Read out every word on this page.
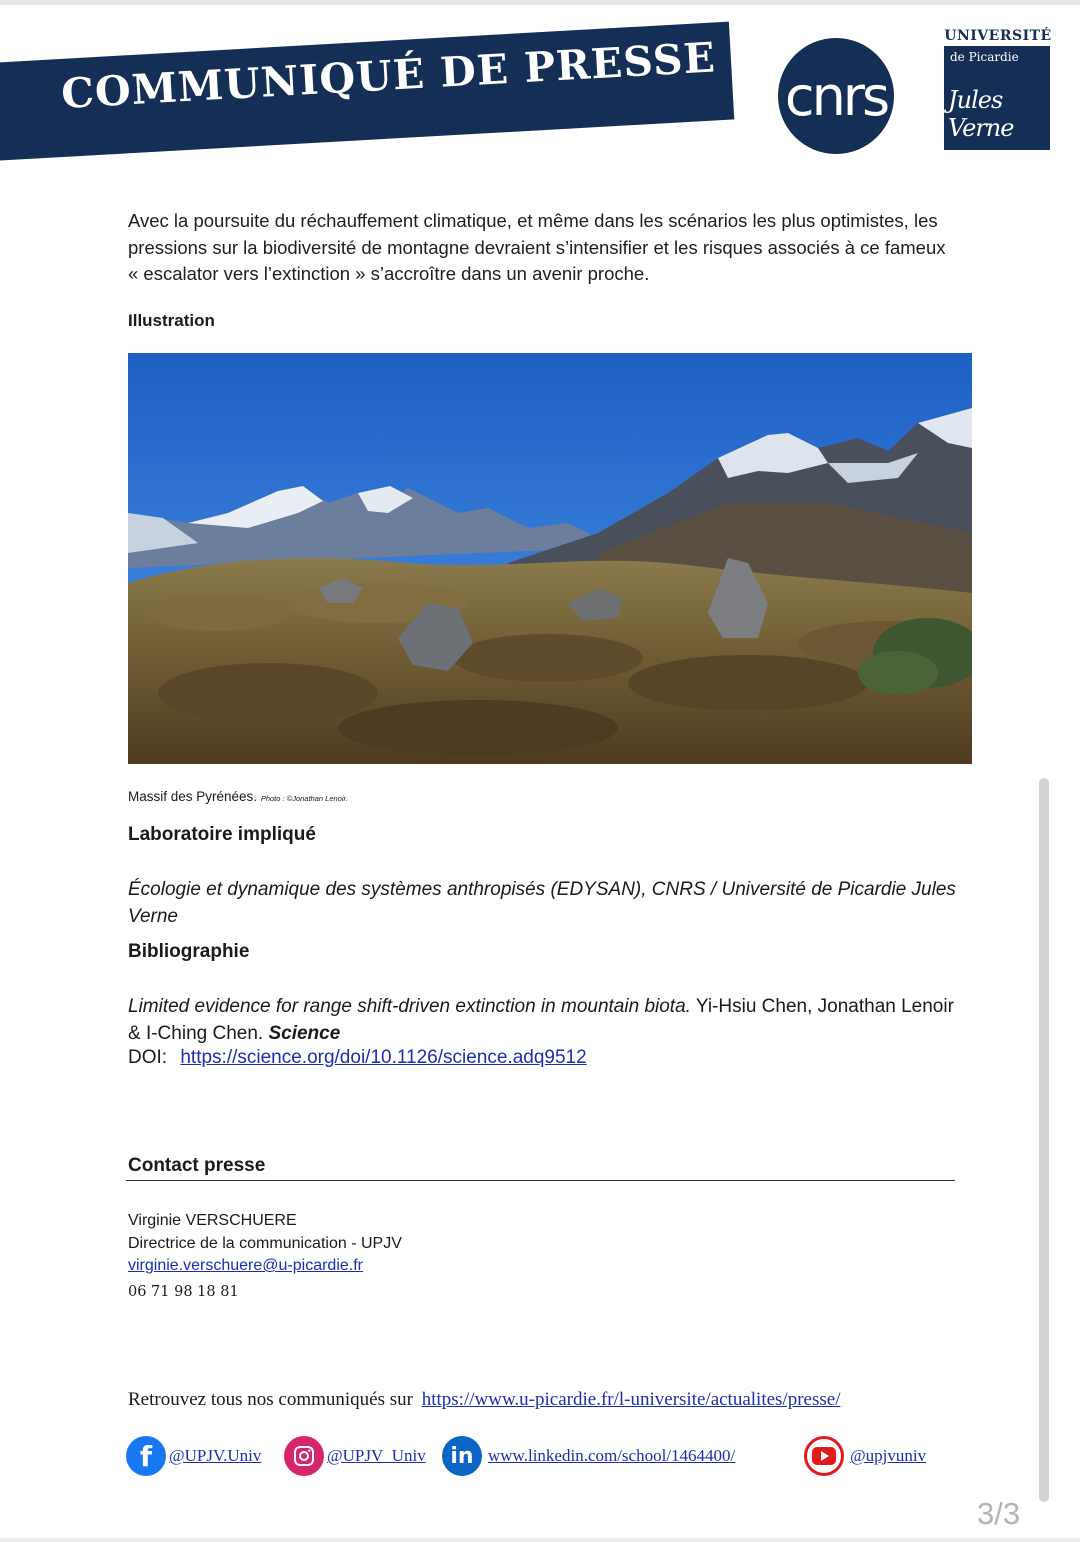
COMMUNIQUÉ DE PRESSE cnrs
UNIVERSITÉ
de Picardie
Jules Verne

Avec la poursuite du réchauffement climatique, et même dans les scénarios les plus optimistes, les pressions sur la biodiversité de montagne devraient s’intensifier et les risques associés à ce fameux « escalator vers l’extinction » s’accroître dans un avenir proche.

Illustration
Massif des Pyrénées. Photo : ©Jonathan Lenoir.
Laboratoire impliqué

Écologie et dynamique des systèmes anthropisés (EDYSAN), CNRS / Université de Picardie Jules Verne

Bibliographie

Limited evidence for range shift-driven extinction in mountain biota. Yi-Hsiu Chen, Jonathan Lenoir & I-Ching Chen. Science

DOI: https://science.org/doi/10.1126/science.adq9512
Contact presse
Virginie VERSCHUERE
Directrice de la communication - UPJV
virginie.verschuere@u-picardie.fr
06 71 98 18 81
Retrouvez tous nos communiqués sur https://www.u-picardie.fr/l-universite/actualites/presse/
f @UPJV.Univ	@UPJV_Univ	in www.linkedin.com/school/1464400/	@upjvuniv
3/3
